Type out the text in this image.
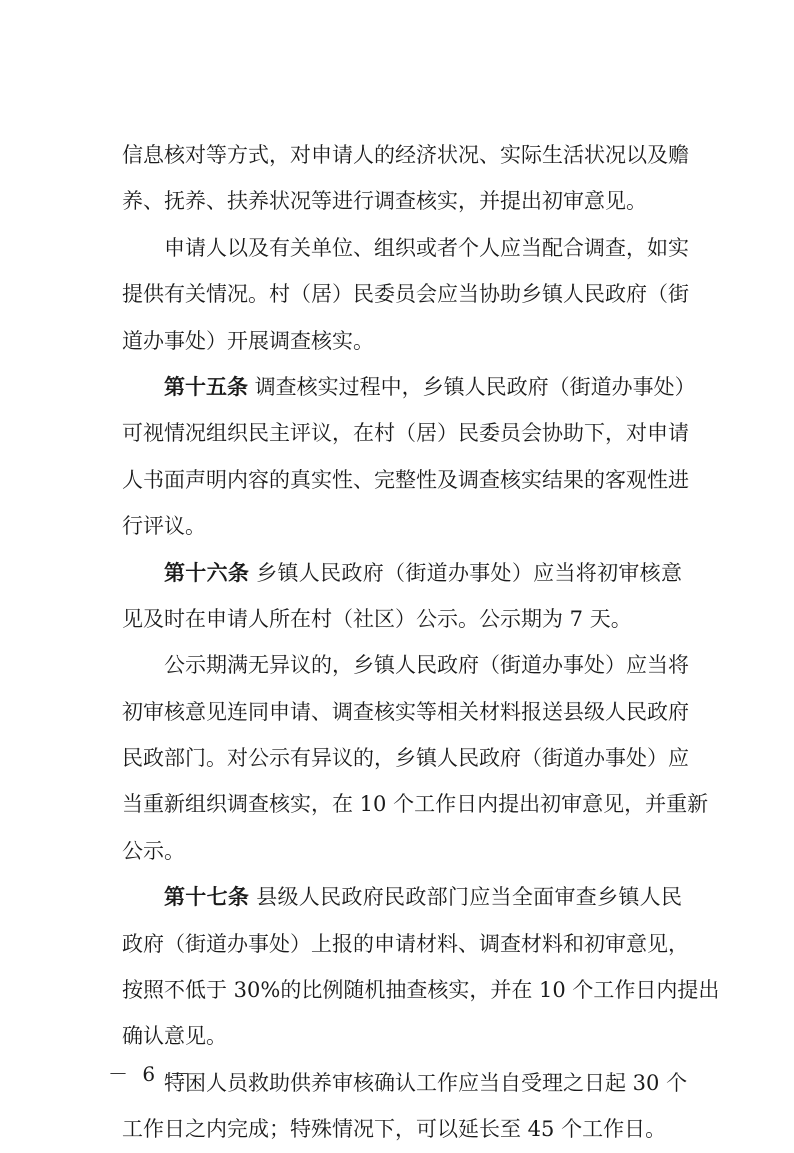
信息核对等方式，对申请人的经济状况、实际生活状况以及赡
养、抚养、扶养状况等进行调查核实，并提出初审意见。
申请人以及有关单位、组织或者个人应当配合调查，如实
提供有关情况。村（居）民委员会应当协助乡镇人民政府（街
道办事处）开展调查核实。
第十五条 调查核实过程中，乡镇人民政府（街道办事处）
可视情况组织民主评议，在村（居）民委员会协助下，对申请
人书面声明内容的真实性、完整性及调查核实结果的客观性进
行评议。
第十六条 乡镇人民政府（街道办事处）应当将初审核意
见及时在申请人所在村（社区）公示。公示期为 7 天。
公示期满无异议的，乡镇人民政府（街道办事处）应当将
初审核意见连同申请、调查核实等相关材料报送县级人民政府
民政部门。对公示有异议的，乡镇人民政府（街道办事处）应
当重新组织调查核实，在 10 个工作日内提出初审意见，并重新
公示。
第十七条 县级人民政府民政部门应当全面审查乡镇人民
政府（街道办事处）上报的申请材料、调查材料和初审意见，
按照不低于 30%的比例随机抽查核实，并在 10 个工作日内提出
确认意见。
特困人员救助供养审核确认工作应当自受理之日起 30 个
工作日之内完成；特殊情况下，可以延长至 45 个工作日。
－ 6 －
